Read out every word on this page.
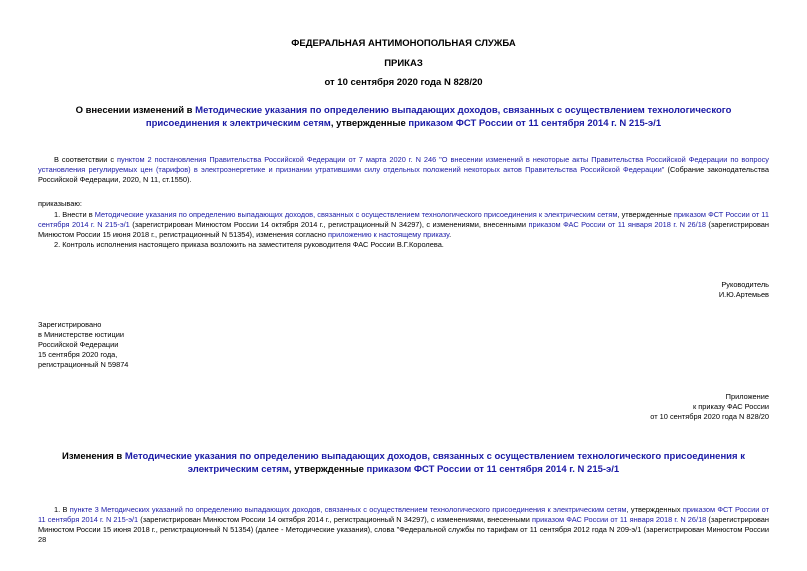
ФЕДЕРАЛЬНАЯ АНТИМОНОПОЛЬНАЯ СЛУЖБА
ПРИКАЗ
от 10 сентября 2020 года N 828/20
О внесении изменений в Методические указания по определению выпадающих доходов, связанных с осуществлением технологического присоединения к электрическим сетям, утвержденные приказом ФСТ России от 11 сентября 2014 г. N 215-э/1
В соответствии с пунктом 2 постановления Правительства Российской Федерации от 7 марта 2020 г. N 246 "О внесении изменений в некоторые акты Правительства Российской Федерации по вопросу установления регулируемых цен (тарифов) в электроэнергетике и признании утратившими силу отдельных положений некоторых актов Правительства Российской Федерации" (Собрание законодательства Российской Федерации, 2020, N 11, ст.1550).
приказываю:
1. Внести в Методические указания по определению выпадающих доходов, связанных с осуществлением технологического присоединения к электрическим сетям, утвержденные приказом ФСТ России от 11 сентября 2014 г. N 215-э/1 (зарегистрирован Минюстом России 14 октября 2014 г., регистрационный N 34297), с изменениями, внесенными приказом ФАС России от 11 января 2018 г. N 26/18 (зарегистрирован Минюстом России 15 июня 2018 г., регистрационный N 51354), изменения согласно приложению к настоящему приказу.
2. Контроль исполнения настоящего приказа возложить на заместителя руководителя ФАС России В.Г.Королева.
Руководитель
И.Ю.Артемьев
Зарегистрировано
в Министерстве юстиции
Российской Федерации
15 сентября 2020 года,
регистрационный N 59874
Приложение
к приказу ФАС России
от 10 сентября 2020 года N 828/20
Изменения в Методические указания по определению выпадающих доходов, связанных с осуществлением технологического присоединения к электрическим сетям, утвержденные приказом ФСТ России от 11 сентября 2014 г. N 215-э/1
1. В пункте 3 Методических указаний по определению выпадающих доходов, связанных с осуществлением технологического присоединения к электрическим сетям, утвержденных приказом ФСТ России от 11 сентября 2014 г. N 215-э/1 (зарегистрирован Минюстом России 14 октября 2014 г., регистрационный N 34297), с изменениями, внесенными приказом ФАС России от 11 января 2018 г. N 26/18 (зарегистрирован Минюстом России 15 июня 2018 г., регистрационный N 51354) (далее - Методические указания), слова "Федеральной службы по тарифам от 11 сентября 2012 года N 209-э/1 (зарегистрирован Минюстом России 28
